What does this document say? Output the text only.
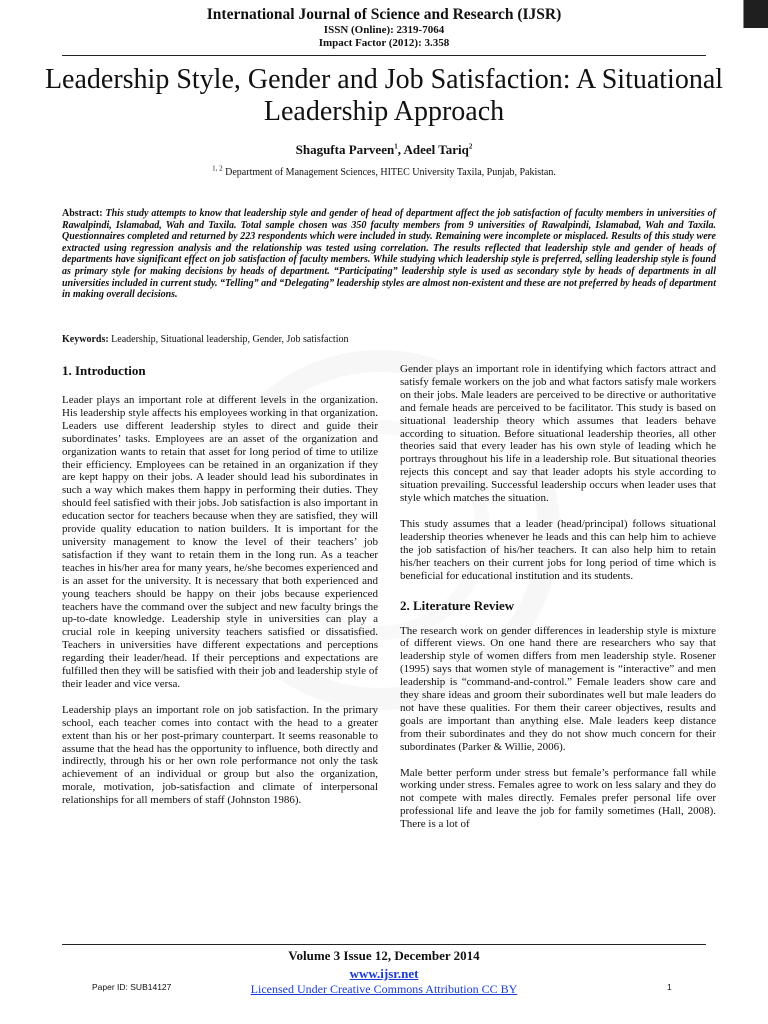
International Journal of Science and Research (IJSR)
ISSN (Online): 2319-7064
Impact Factor (2012): 3.358
Leadership Style, Gender and Job Satisfaction: A Situational Leadership Approach
Shagufta Parveen$^1$, Adeel Tariq$^2$
$^{1, 2}$ Department of Management Sciences, HITEC University Taxila, Punjab, Pakistan.
Abstract: This study attempts to know that leadership style and gender of head of department affect the job satisfaction of faculty members in universities of Rawalpindi, Islamabad, Wah and Taxila. Total sample chosen was 350 faculty members from 9 universities of Rawalpindi, Islamabad, Wah and Taxila. Questionnaires completed and returned by 223 respondents which were included in study. Remaining were incomplete or misplaced. Results of this study were extracted using regression analysis and the relationship was tested using correlation. The results reflected that leadership style and gender of heads of departments have significant effect on job satisfaction of faculty members. While studying which leadership style is preferred, selling leadership style is found as primary style for making decisions by heads of department. “Participating” leadership style is used as secondary style by heads of departments in all universities included in current study. “Telling” and “Delegating” leadership styles are almost non-existent and these are not preferred by heads of department in making overall decisions.
Keywords: Leadership, Situational leadership, Gender, Job satisfaction
1. Introduction

Leader plays an important role at different levels in the organization. His leadership style affects his employees working in that organization. Leaders use different leadership styles to direct and guide their subordinates’ tasks. Employees are an asset of the organization and organization wants to retain that asset for long period of time to utilize their efficiency. Employees can be retained in an organization if they are kept happy on their jobs. A leader should lead his subordinates in such a way which makes them happy in performing their duties. They should feel satisfied with their jobs. Job satisfaction is also important in education sector for teachers because when they are satisfied, they will provide quality education to nation builders. It is important for the university management to know the level of their teachers’ job satisfaction if they want to retain them in the long run. As a teacher teaches in his/her area for many years, he/she becomes experienced and is an asset for the university. It is necessary that both experienced and young teachers should be happy on their jobs because experienced teachers have the command over the subject and new faculty brings the up-to-date knowledge. Leadership style in universities can play a crucial role in keeping university teachers satisfied or dissatisfied. Teachers in universities have different expectations and perceptions regarding their leader/head. If their perceptions and expectations are fulfilled then they will be satisfied with their job and leadership style of their leader and vice versa.

Leadership plays an important role on job satisfaction. In the primary school, each teacher comes into contact with the head to a greater extent than his or her post-primary counterpart. It seems reasonable to assume that the head has the opportunity to influence, both directly and indirectly, through his or her own role performance not only the task achievement of an individual or group but also the organization, morale, motivation, job-satisfaction and climate of interpersonal relationships for all members of staff (Johnston 1986).

Gender plays an important role in identifying which factors attract and satisfy female workers on the job and what factors satisfy male workers on their jobs. Male leaders are perceived to be directive or authoritative and female heads are perceived to be facilitator. This study is based on situational leadership theory which assumes that leaders behave according to situation. Before situational leadership theories, all other theories said that every leader has his own style of leading which he portrays throughout his life in a leadership role. But situational theories rejects this concept and say that leader adopts his style according to situation prevailing. Successful leadership occurs when leader uses that style which matches the situation.

This study assumes that a leader (head/principal) follows situational leadership theories whenever he leads and this can help him to achieve the job satisfaction of his/her teachers. It can also help him to retain his/her teachers on their current jobs for long period of time which is beneficial for educational institution and its students.

2. Literature Review

The research work on gender differences in leadership style is mixture of different views. On one hand there are researchers who say that leadership style of women differs from men leadership style. Rosener (1995) says that women style of management is “interactive” and men leadership is “command-and-control.” Female leaders show care and they share ideas and groom their subordinates well but male leaders do not have these qualities. For them their career objectives, results and goals are important than anything else. Male leaders keep distance from their subordinates and they do not show much concern for their subordinates (Parker & Willie, 2006).

Male better perform under stress but female’s performance fall while working under stress. Females agree to work on less salary and they do not compete with males directly. Females prefer personal life over professional life and leave the job for family sometimes (Hall, 2008). There is a lot of

Volume 3 Issue 12, December 2014
www.ijsr.net
Licensed Under Creative Commons Attribution CC BY
Paper ID: SUB14127	1
